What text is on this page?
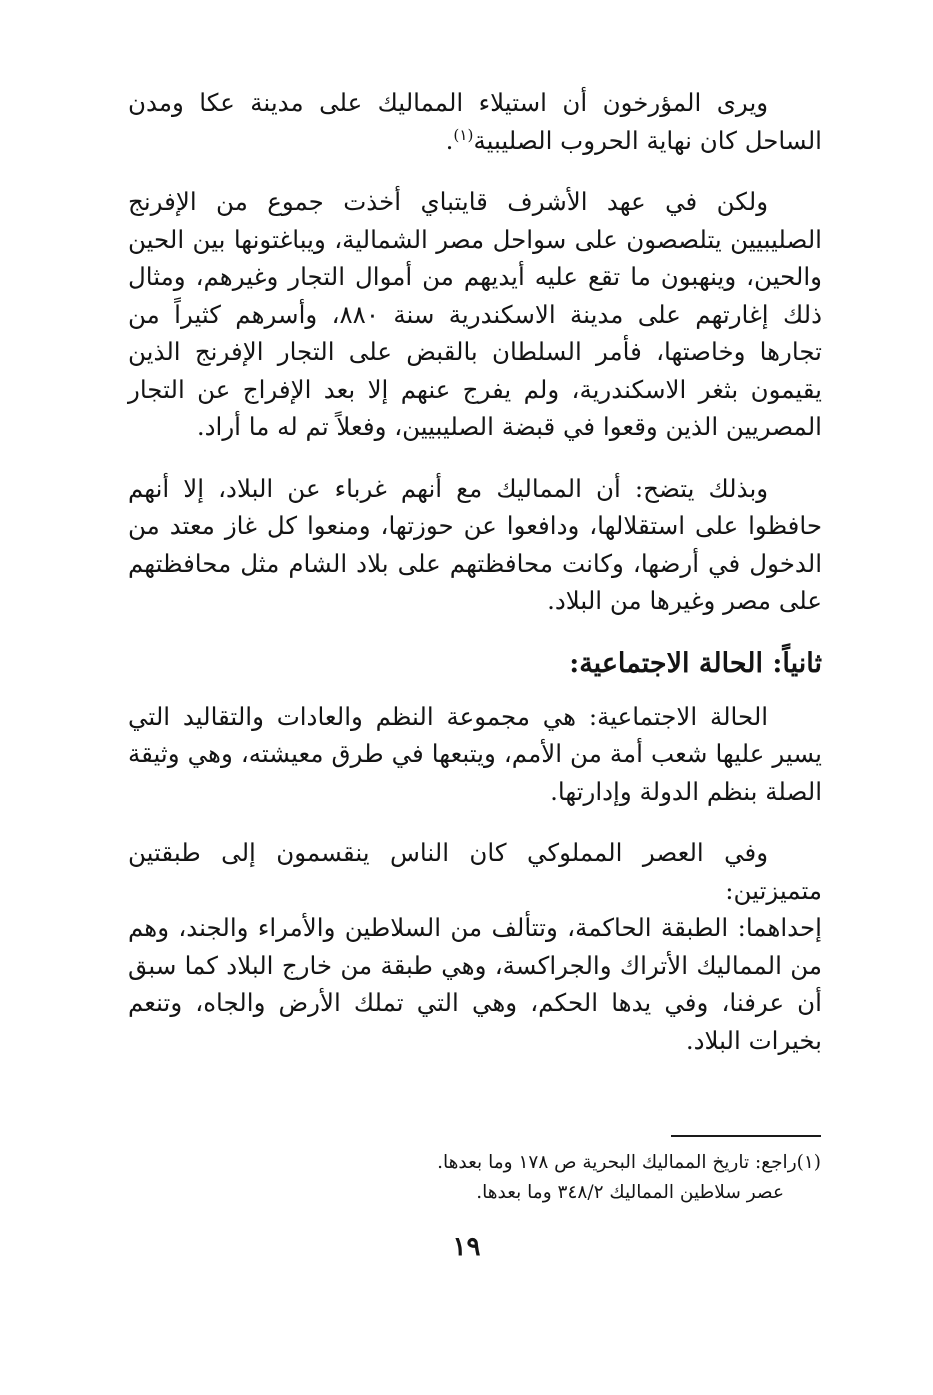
ويرى المؤرخون أن استيلاء المماليك على مدينة عكا ومدن الساحل كان نهاية الحروب الصليبية$^{(١)}$.

ولكن في عهد الأشرف قايتباي أخذت جموع من الإفرنج الصليبيين يتلصصون على سواحل مصر الشمالية، ويباغتونها بين الحين والحين، وينهبون ما تقع عليه أيديهم من أموال التجار وغيرهم، ومثال ذلك إغارتهم على مدينة الاسكندرية سنة ٨٨٠، وأسرهم كثيراً من تجارها وخاصتها، فأمر السلطان بالقبض على التجار الإفرنج الذين يقيمون بثغر الاسكندرية، ولم يفرج عنهم إلا بعد الإفراج عن التجار المصريين الذين وقعوا في قبضة الصليبيين، وفعلاً تم له ما أراد.

وبذلك يتضح: أن المماليك مع أنهم غرباء عن البلاد، إلا أنهم حافظوا على استقلالها، ودافعوا عن حوزتها، ومنعوا كل غاز معتد من الدخول في أرضها، وكانت محافظتهم على بلاد الشام مثل محافظتهم على مصر وغيرها من البلاد.

ثانياً: الحالة الاجتماعية:

الحالة الاجتماعية: هي مجموعة النظم والعادات والتقاليد التي يسير عليها شعب أمة من الأمم، ويتبعها في طرق معيشته، وهي وثيقة الصلة بنظم الدولة وإدارتها.

وفي العصر المملوكي كان الناس ينقسمون إلى طبقتين متميزتين:

إحداهما: الطبقة الحاكمة، وتتألف من السلاطين والأمراء والجند، وهم من المماليك الأتراك والجراكسة، وهي طبقة من خارج البلاد كما سبق أن عرفنا، وفي يدها الحكم، وهي التي تملك الأرض والجاه، وتنعم بخيرات البلاد.

(١)راجع: تاريخ المماليك البحرية ص ١٧٨ وما بعدها.

عصر سلاطين المماليك ٣٤٨/٢ وما بعدها.

١٩
